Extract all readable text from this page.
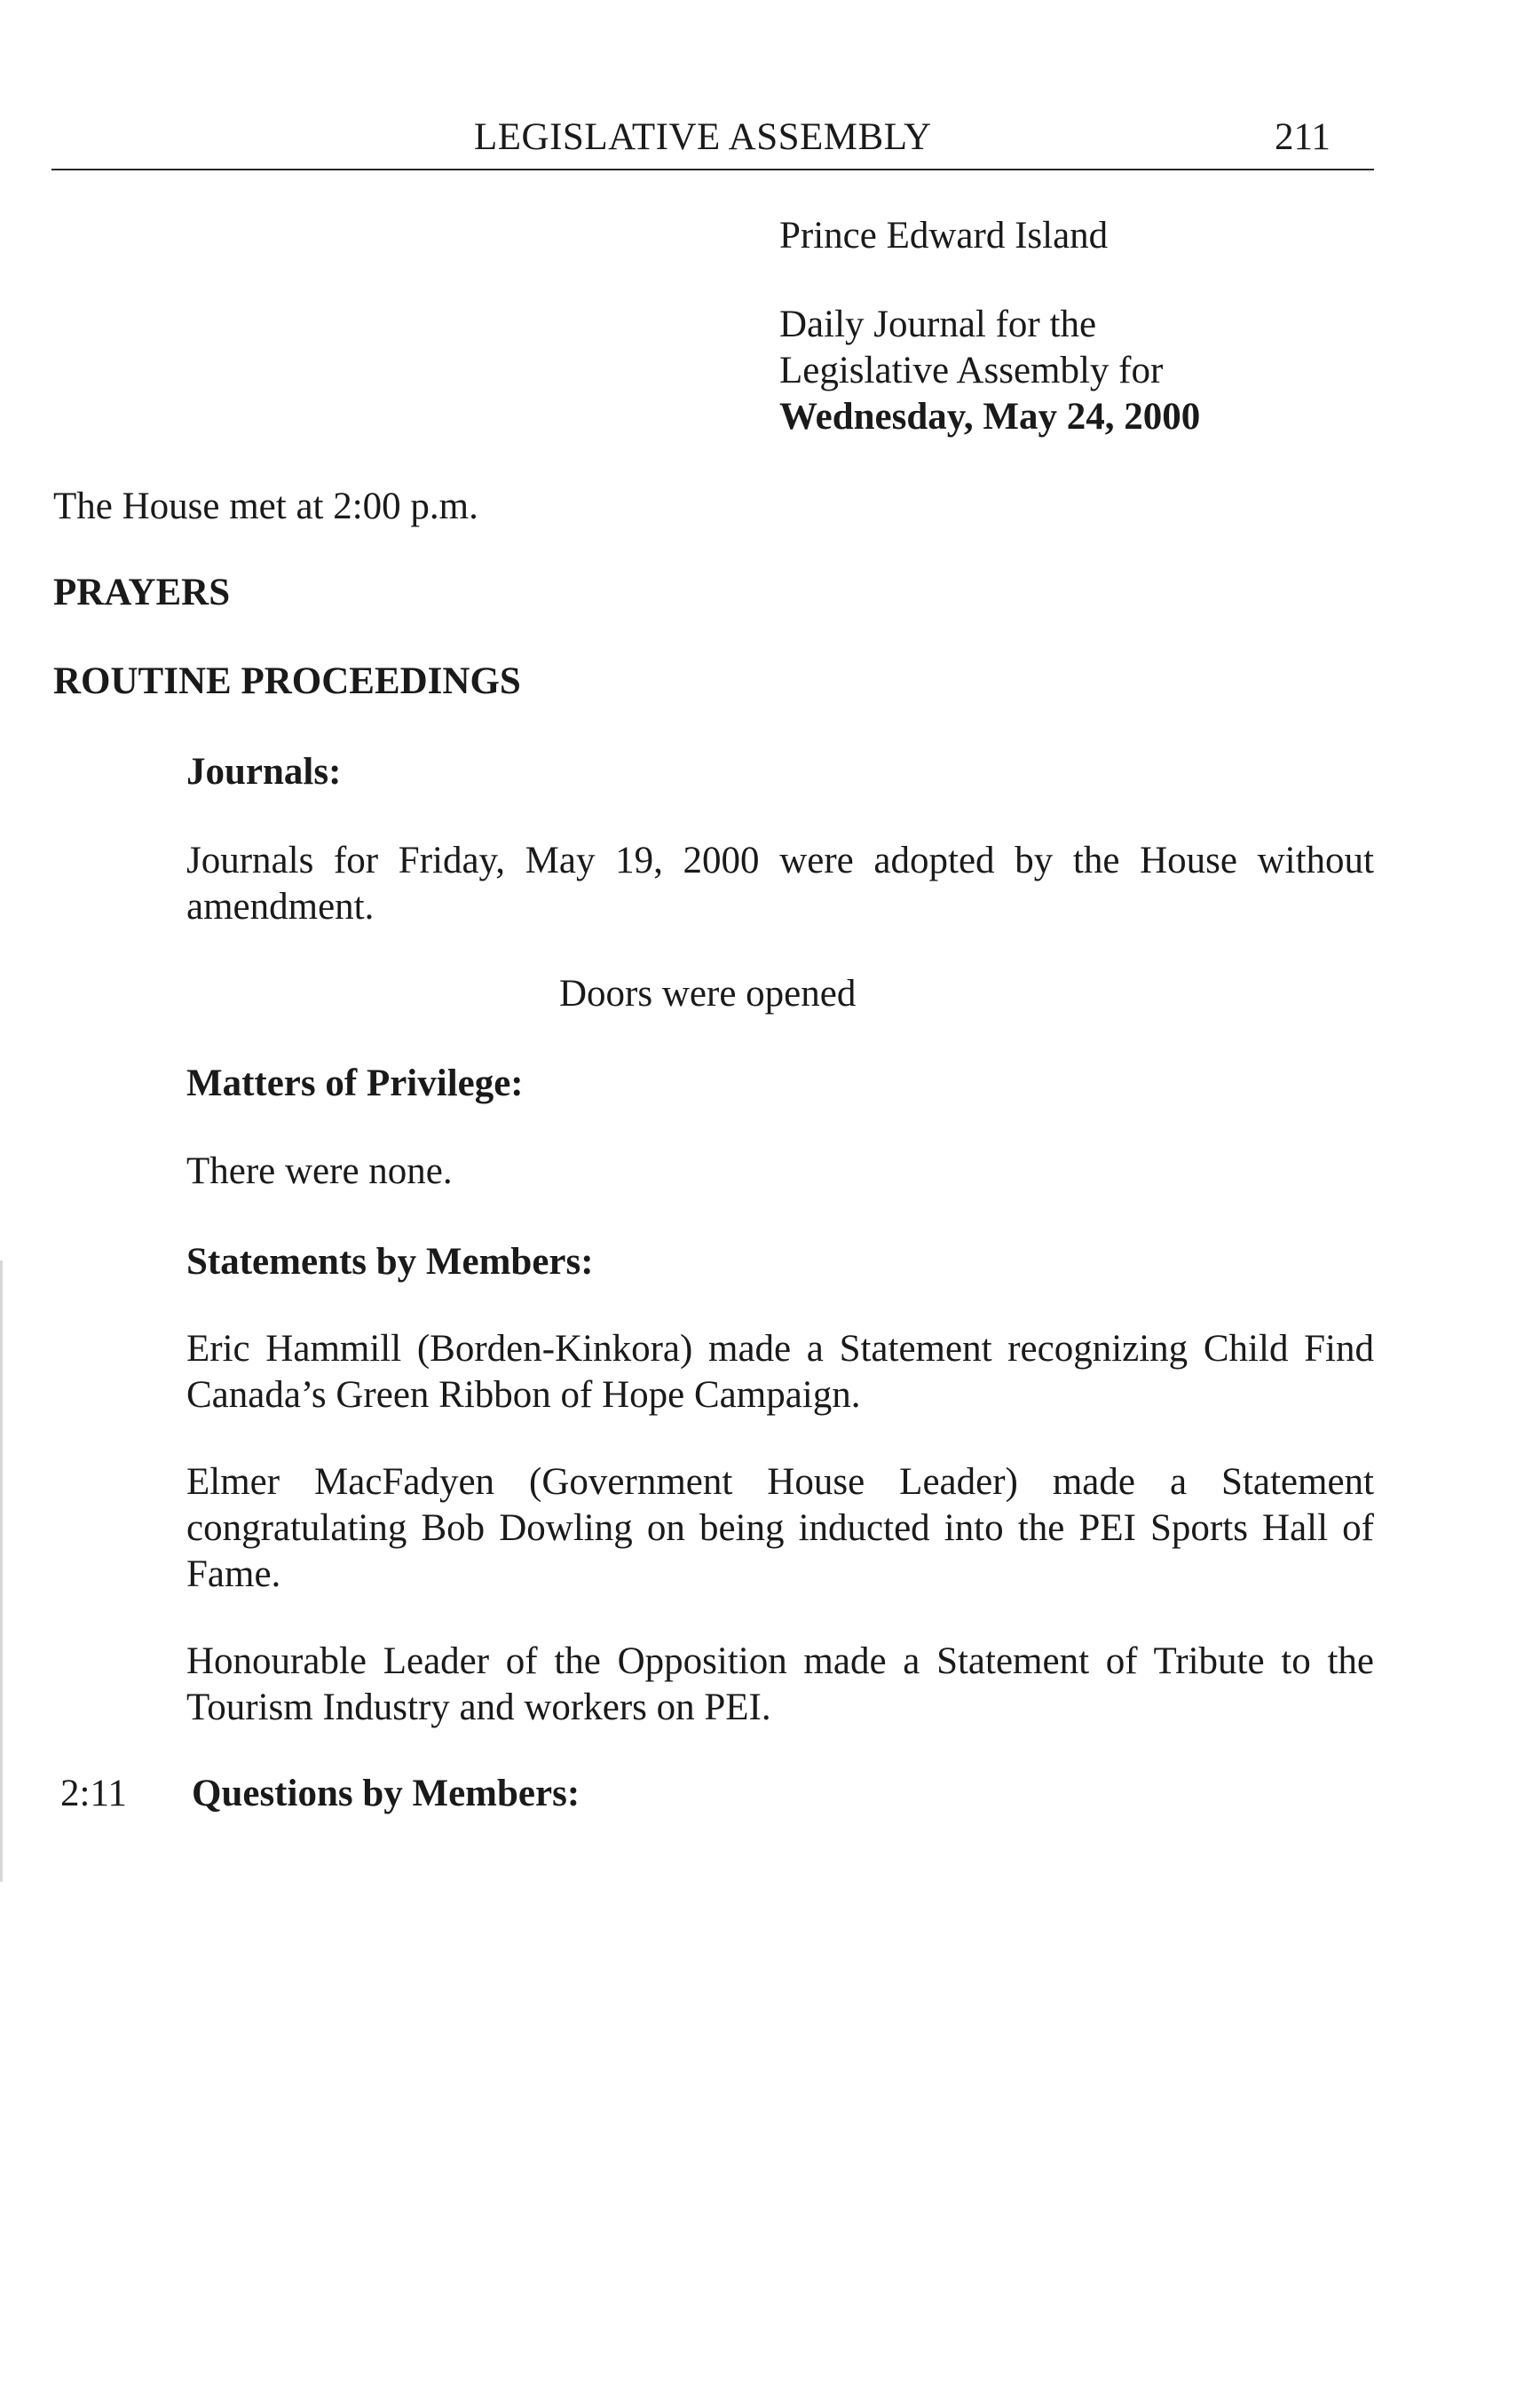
LEGISLATIVE ASSEMBLY	211
Prince Edward Island
Daily Journal for the
Legislative Assembly for
Wednesday, May 24, 2000
The House met at 2:00 p.m.
PRAYERS
ROUTINE PROCEEDINGS
Journals:
Journals for Friday, May 19, 2000 were adopted by the House without amendment.
Doors were opened
Matters of Privilege:
There were none.
Statements by Members:
Eric Hammill (Borden-Kinkora) made a Statement recognizing Child Find Canada’s Green Ribbon of Hope Campaign.
Elmer MacFadyen (Government House Leader) made a Statement congratulating Bob Dowling on being inducted into the PEI Sports Hall of Fame.
Honourable Leader of the Opposition made a Statement of Tribute to the Tourism Industry and workers on PEI.
2:11 Questions by Members:
